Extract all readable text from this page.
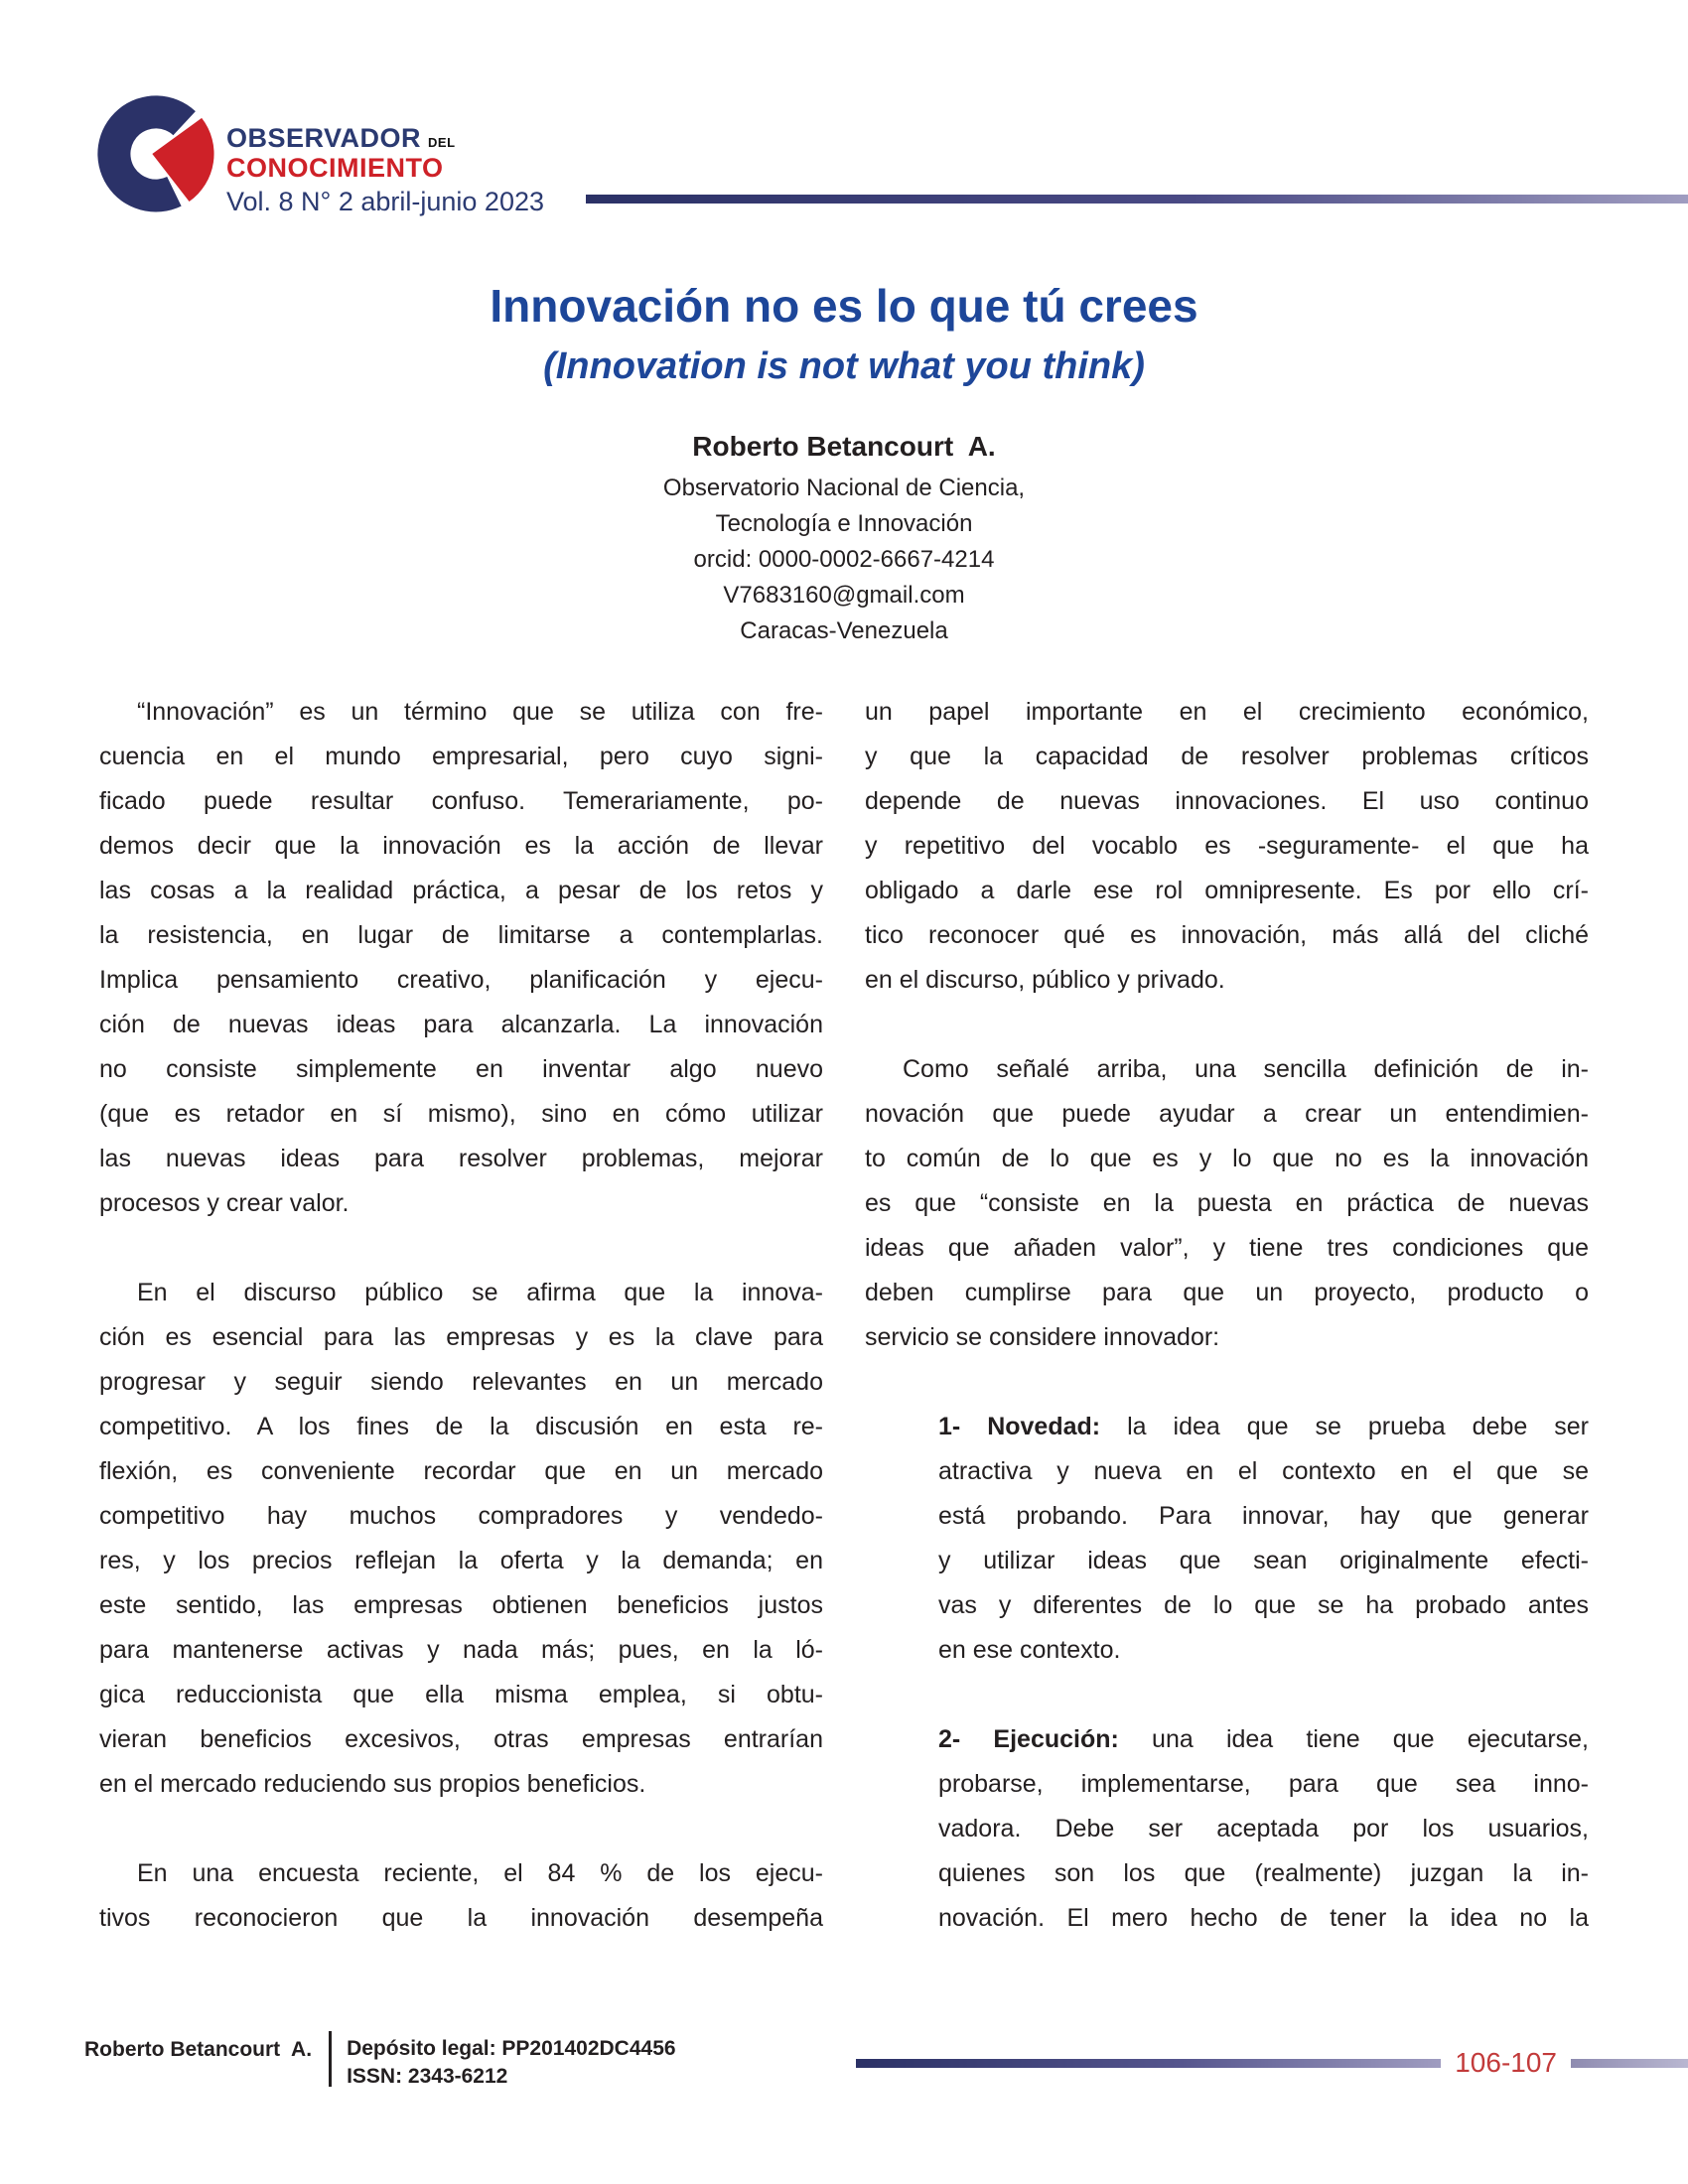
OBSERVADOR DEL
CONOCIMIENTO
Vol. 8 N° 2 abril-junio 2023
Innovación no es lo que tú crees
(Innovation is not what you think)
Roberto Betancourt  A.
Observatorio Nacional de Ciencia,
Tecnología e Innovación
orcid: 0000-0002-6667-4214
V7683160@gmail.com
Caracas-Venezuela
“Innovación” es un término que se utiliza con fre-
cuencia en el mundo empresarial, pero cuyo signi-
ficado puede resultar confuso. Temerariamente, po-
demos decir que la innovación es la acción de llevar
las cosas a la realidad práctica, a pesar de los retos y
la resistencia, en lugar de limitarse a contemplarlas.
Implica pensamiento creativo, planificación y ejecu-
ción de nuevas ideas para alcanzarla. La innovación
no consiste simplemente en inventar algo nuevo
(que es retador en sí mismo), sino en cómo utilizar
las nuevas ideas para resolver problemas, mejorar
procesos y crear valor.
En el discurso público se afirma que la innova-
ción es esencial para las empresas y es la clave para
progresar y seguir siendo relevantes en un mercado
competitivo. A los fines de la discusión en esta re-
flexión, es conveniente recordar que en un mercado
competitivo hay muchos compradores y vendedo-
res, y los precios reflejan la oferta y la demanda; en
este sentido, las empresas obtienen beneficios justos
para mantenerse activas y nada más; pues, en la ló-
gica reduccionista que ella misma emplea, si obtu-
vieran beneficios excesivos, otras empresas entrarían
en el mercado reduciendo sus propios beneficios.
En una encuesta reciente, el 84 % de los ejecu-
tivos reconocieron que la innovación desempeña
un papel importante en el crecimiento económico,
y que la capacidad de resolver problemas críticos
depende de nuevas innovaciones. El uso continuo
y repetitivo del vocablo es -seguramente- el que ha
obligado a darle ese rol omnipresente. Es por ello crí-
tico reconocer qué es innovación, más allá del cliché
en el discurso, público y privado.
Como señalé arriba, una sencilla definición de in-
novación que puede ayudar a crear un entendimien-
to común de lo que es y lo que no es la innovación
es que “consiste en la puesta en práctica de nuevas
ideas que añaden valor”, y tiene tres condiciones que
deben cumplirse para que un proyecto, producto o
servicio se considere innovador:
1- Novedad: la idea que se prueba debe ser
atractiva y nueva en el contexto en el que se
está probando. Para innovar, hay que generar
y utilizar ideas que sean originalmente efecti-
vas y diferentes de lo que se ha probado antes
en ese contexto.
2- Ejecución: una idea tiene que ejecutarse,
probarse, implementarse, para que sea inno-
vadora. Debe ser aceptada por los usuarios,
quienes son los que (realmente) juzgan la in-
novación. El mero hecho de tener la idea no la
Roberto Betancourt  A. Depósito legal: PP201402DC4456
ISSN: 2343-6212	106-107
